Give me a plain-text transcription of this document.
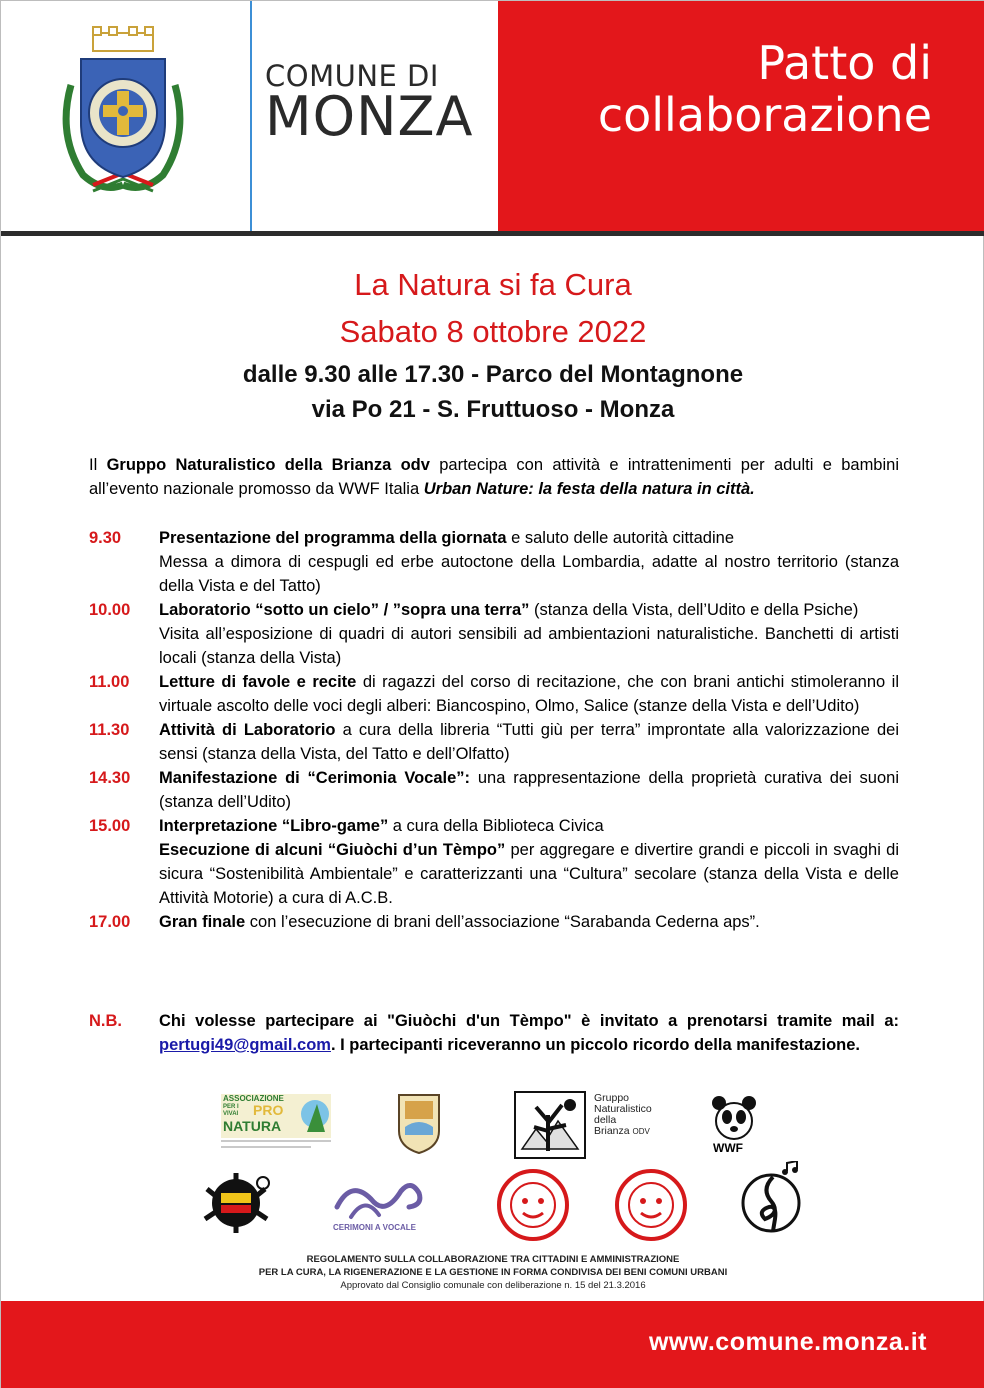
COMUNE DI
MONZA
Patto di
collaborazione
La Natura si fa Cura
Sabato 8 ottobre 2022
dalle 9.30 alle 17.30 - Parco del Montagnone
via Po 21 - S. Fruttuoso - Monza

Il Gruppo Naturalistico della Brianza odv partecipa con attività e intrattenimenti per adulti e bambini all’evento nazionale promosso da WWF Italia Urban Nature: la festa della natura in città.

9.30	Presentazione del programma della giornata e saluto delle autorità cittadine
Messa a dimora di cespugli ed erbe autoctone della Lombardia, adatte al nostro territorio (stanza della Vista e del Tatto)
10.00	Laboratorio “sotto un cielo” / ”sopra una terra” (stanza della Vista, dell’Udito e della Psiche)
Visita all’esposizione di quadri di autori sensibili ad ambientazioni naturalistiche. Banchetti di artisti locali (stanza della Vista)
11.00	Letture di favole e recite di ragazzi del corso di recitazione, che con brani antichi stimoleranno il virtuale ascolto delle voci degli alberi: Biancospino, Olmo, Salice (stanze della Vista e dell’Udito)
11.30	Attività di Laboratorio a cura della libreria “Tutti giù per terra” improntate alla valorizzazione dei sensi (stanza della Vista, del Tatto e dell’Olfatto)
14.30	Manifestazione di “Cerimonia Vocale”: una rappresentazione della proprietà curativa dei suoni (stanza dell’Udito)
15.00	Interpretazione “Libro-game” a cura della Biblioteca Civica
Esecuzione di alcuni “Giuòchi d’un Tèmpo” per aggregare e divertire grandi e piccoli in svaghi di sicura “Sostenibilità Ambientale” e caratterizzanti una “Cultura” secolare (stanza della Vista e delle Attività Motorie) a cura di A.C.B.
17.00	Gran finale con l’esecuzione di brani dell’associazione “Sarabanda Cederna aps”.
N.B.	Chi volesse partecipare ai "Giuòchi d'un Tèmpo" è invitato a prenotarsi tramite mail a: pertugi49@gmail.com. I partecipanti riceveranno un piccolo ricordo della manifestazione.
ASSOCIAZIONE
PER I VIVAI	PRO
NATURA
Gruppo
Naturalistico
della
Brianza ODV
WWF
CERIMONI A VOCALE
REGOLAMENTO SULLA COLLABORAZIONE TRA CITTADINI E AMMINISTRAZIONE
PER LA CURA, LA RIGENERAZIONE E LA GESTIONE IN FORMA CONDIVISA DEI BENI COMUNI URBANI
Approvato dal Consiglio comunale con deliberazione n. 15 del 21.3.2016
www.comune.monza.it
